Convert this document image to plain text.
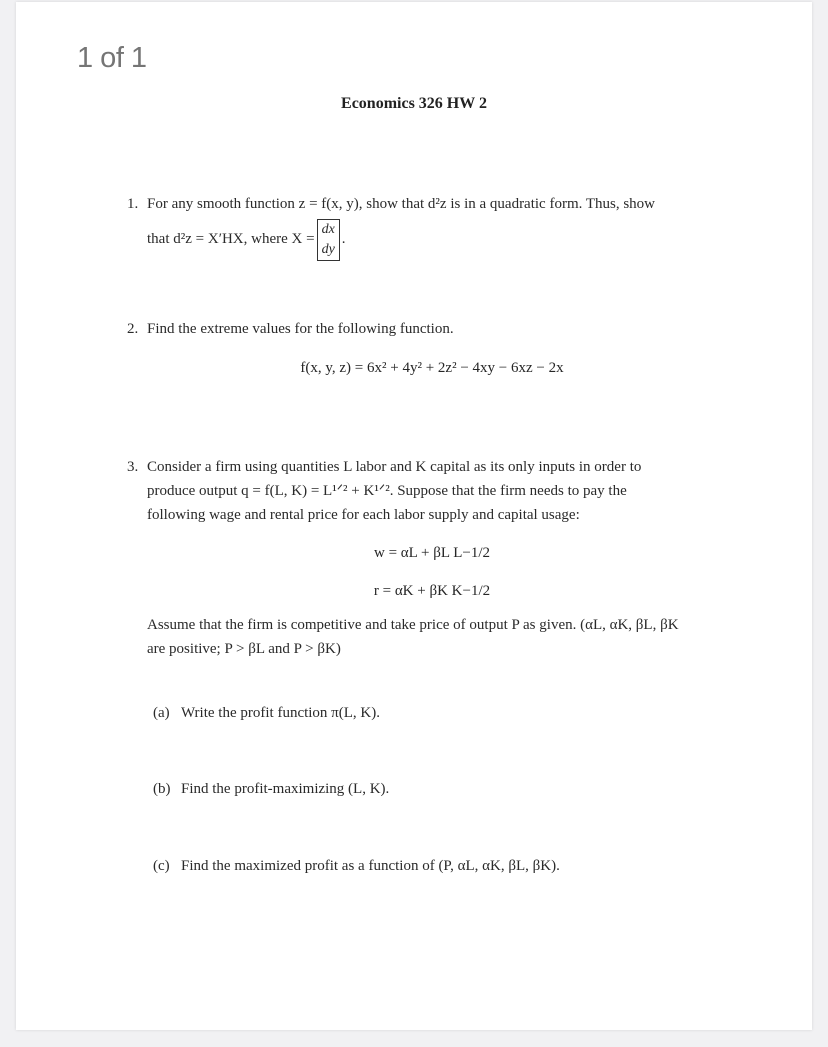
1 of 1
Economics 326 HW 2
1. For any smooth function z = f(x, y), show that d²z is in a quadratic form. Thus, show
that d²z = X′HX, where X =
dx
dy
.
2. Find the extreme values for the following function.
f(x, y, z) = 6x² + 4y² + 2z² − 4xy − 6xz − 2x
3. Consider a firm using quantities L labor and K capital as its only inputs in order to
produce output q = f(L, K) = L¹ᐟ² + K¹ᐟ². Suppose that the firm needs to pay the
following wage and rental price for each labor supply and capital usage:
w = αL + βL L−1/2
r = αK + βK K−1/2
Assume that the firm is competitive and take price of output P as given. (αL, αK, βL, βK
are positive; P > βL and P > βK)
(a) Write the profit function π(L, K).
(b) Find the profit-maximizing (L, K).
(c) Find the maximized profit as a function of (P, αL, αK, βL, βK).
